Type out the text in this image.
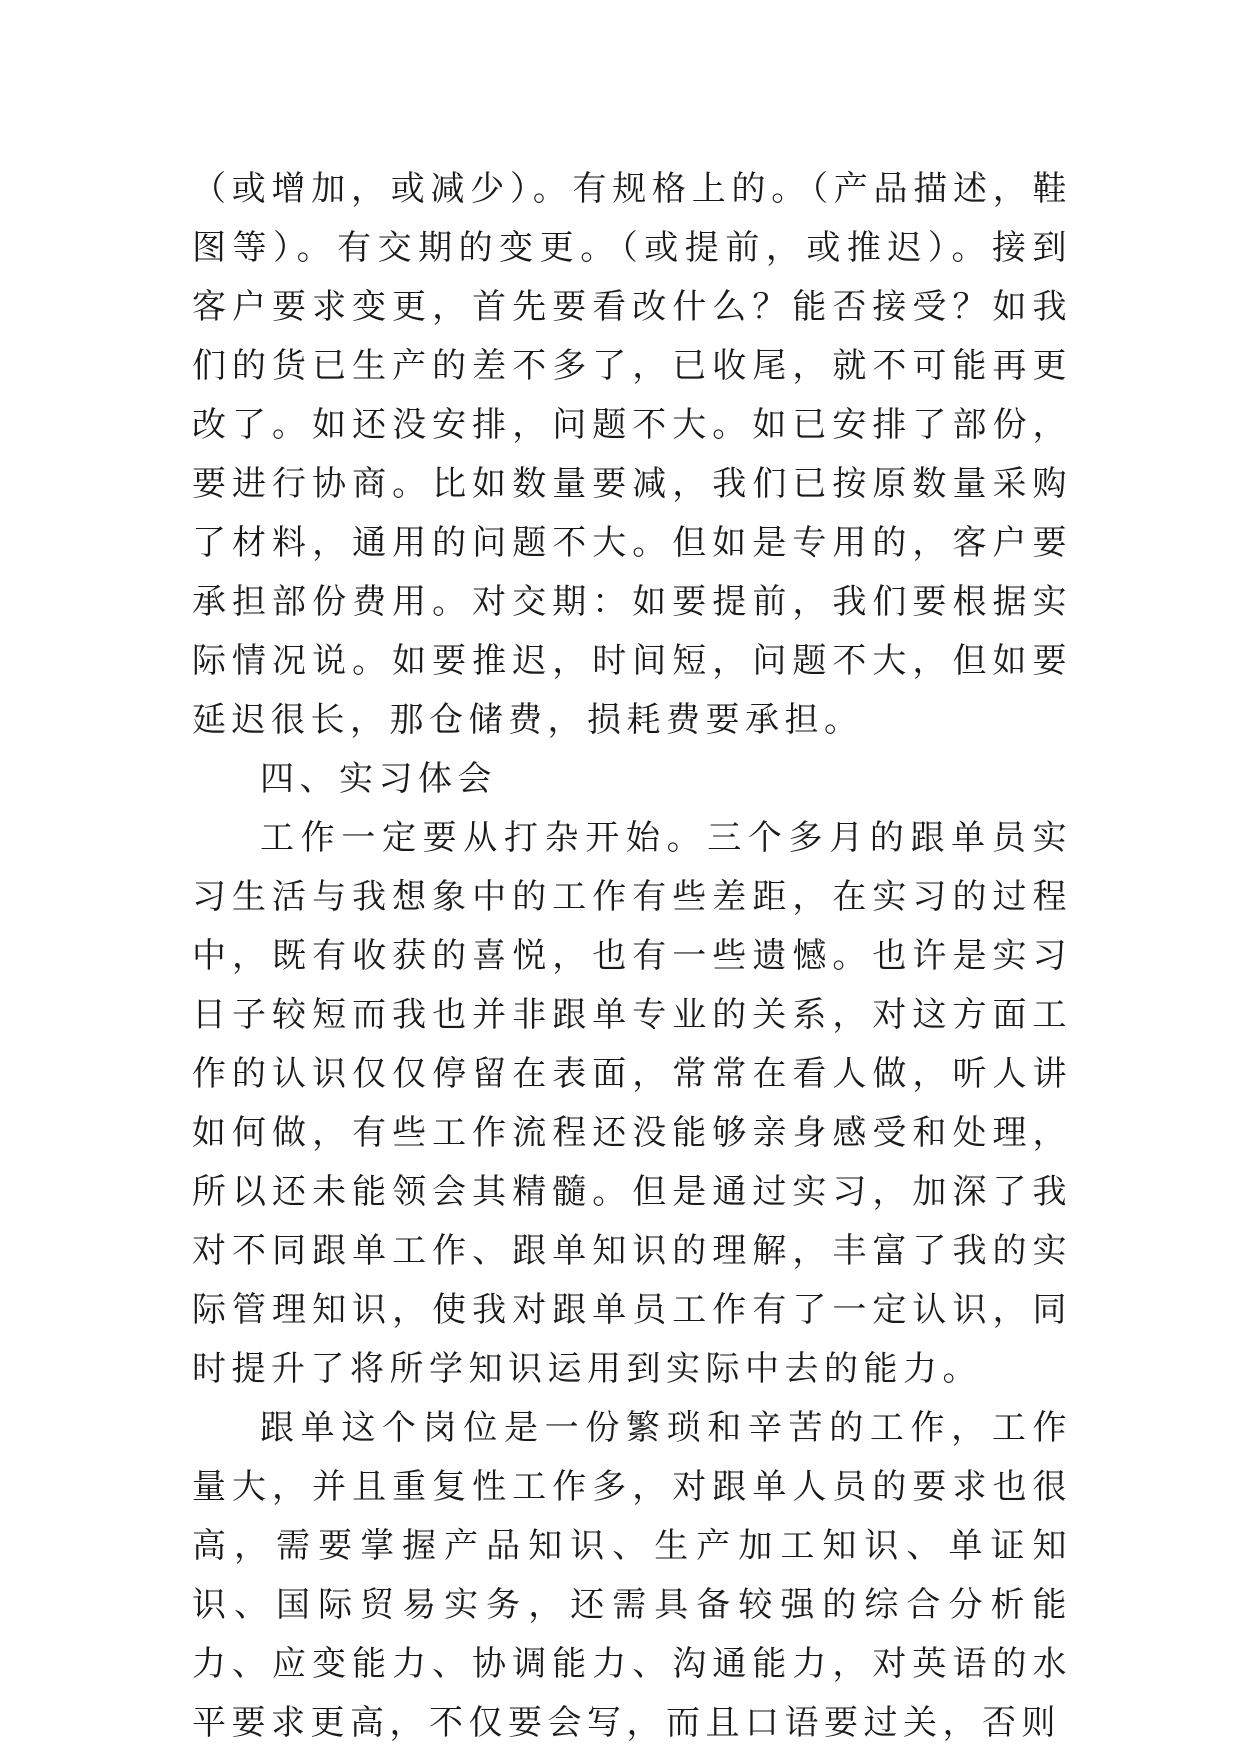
（或增加，或减少）。有规格上的。（产品描述，鞋图等）。有交期的变更。（或提前，或推迟）。接到客户要求变更，首先要看改什么？能否接受？如我们的货已生产的差不多了，已收尾，就不可能再更改了。如还没安排，问题不大。如已安排了部份，要进行协商。比如数量要减，我们已按原数量采购了材料，通用的问题不大。但如是专用的，客户要承担部份费用。对交期：如要提前，我们要根据实际情况说。如要推迟，时间短，问题不大，但如要延迟很长，那仓储费，损耗费要承担。

四、实习体会

工作一定要从打杂开始。三个多月的跟单员实习生活与我想象中的工作有些差距，在实习的过程中，既有收获的喜悦，也有一些遗憾。也许是实习日子较短而我也并非跟单专业的关系，对这方面工作的认识仅仅停留在表面，常常在看人做，听人讲如何做，有些工作流程还没能够亲身感受和处理，所以还未能领会其精髓。但是通过实习，加深了我对不同跟单工作、跟单知识的理解，丰富了我的实际管理知识，使我对跟单员工作有了一定认识，同时提升了将所学知识运用到实际中去的能力。

跟单这个岗位是一份繁琐和辛苦的工作，工作量大，并且重复性工作多，对跟单人员的要求也很高，需要掌握产品知识、生产加工知识、单证知识、国际贸易实务，还需具备较强的综合分析能力、应变能力、协调能力、沟通能力，对英语的水平要求更高，不仅要会写，而且口语要过关，否则
